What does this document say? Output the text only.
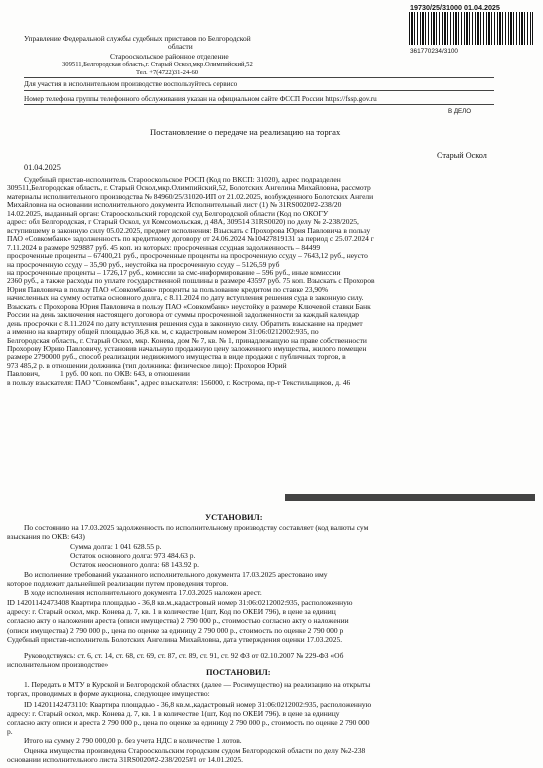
19730/25/31000 01.04.2025
361770234/3100
Управление Федеральной службы судебных приставов по Белгородской
области
Старооскольское районное отделение
309511,Белгородская область,г. Старый Оскол,мкр.Олимпийский,52
Тел. +7(4722)31-24-60
Для участия в исполнительном производстве воспользуйтесь сервисо
Номер телефона группы телефонного обслуживания указан на официальном сайте ФССП России https://fssp.gov.ru
В ДЕЛО
Постановление о передаче на реализацию на торгах
01.04.2025
Старый Оскол
Судебный пристав-исполнитель Старооскольское РОСП (Код по ВКСП: 31020), адрес подразделен
309511,Белгородская область, г. Старый Оскол,мкр.Олимпийский,52, Болотских Ангелина Михайловна, рассмотр
материалы исполнительного производства № 84960/25/31020-ИП от 21.02.2025, возбужденного Болотских Ангели
Михайловна на основании исполнительного документа Исполнительный лист (1) № 31RS0020#2-238/20
14.02.2025, выданный орган: Старооскольский городской суд Белгородской области (Код по ОКОГУ
адрес: обл Белгородская, г Старый Оскол, ул Комсомольская, д 48А, 309514 31RS0020) по делу № 2-238/2025,
вступившему в законную силу 05.02.2025, предмет исполнения: Взыскать с Прохорова Юрия Павловича в пользу
ПАО «Совкомбанк» задолженность по кредитному договору от 24.06.2024 №10427819131 за период с 25.07.2024 г
7.11.2024 в размере 929887 руб. 45 коп. из которых: просроченная ссудная задолженность – 84499
просроченные проценты – 67400,21 руб., просроченные проценты на просроченную ссуду – 7643,12 руб., неусто
на просроченную ссуду – 35,90 руб., неустойка на просроченную ссуду – 5126,59 руб
на просроченные проценты – 1726,17 руб., комиссии за смс-информирование – 596 руб., иные комиссии
2360 руб., а также расходы по уплате государственной пошлины в размере 43597 руб. 75 коп. Взыскать с Прохоров
Юрия Павловича в пользу ПАО «Совкомбанк» проценты за пользование кредитом по ставке 23,90%
начисленных на сумму остатка основного долга, с 8.11.2024 по дату вступления решения суда в законную силу.
Взыскать с Прохорова Юрия Павловича в пользу ПАО «Совкомбанк» неустойку в размере Ключевой ставки Банк
России на день заключения настоящего договора от суммы просроченной задолженности за каждый календар
день просрочки с 8.11.2024 по дату вступления решения суда в законную силу. Обратить взыскание на предмет
а именно на квартиру общей площадью 36,8 кв. м, с кадастровым номером 31:06:0212002:935, по
Белгородская область, г. Старый Оскол, мкр. Конева, дом № 7, кв. № 1, принадлежащую на праве собственности
Прохорову Юрию Павловичу, установив начальную продажную цену заложенного имущества, жилого помещен
размере 2790000 руб., способ реализации недвижимого имущества в виде продажи с публичных торгов, в
973 485,2 р. в отношении должника (тип должника: физическое лицо): Прохоров Юрий
Павлович,
в пользу взыскателя: ПАО "Совкомбанк", адрес взыскателя: 156000, г. Кострома, пр-т Текстильщиков, д. 46
1 руб. 00 коп. по ОКВ: 643, в отношении
УСТАНОВИЛ:
По состоянию на 17.03.2025 задолженность по исполнительному производству составляет (код валюты сум
взыскания по ОКВ: 643)
Сумма долга: 1 041 628.55 р.
Остаток основного долга: 973 484.63 р.
Остаток неосновного долга: 68 143.92 р.
Во исполнение требований указанного исполнительного документа 17.03.2025 арестовано иму
которое подлежит дальнейшей реализации путем проведения торгов.
В ходе исполнения исполнительного документа 17.03.2025 наложен арест.
ID 14201142473408 Квартира площадью - 36,8 кв.м.,кадастровый номер 31:06:0212002:935, расположенную
адресу: г. Старый оскол, мкр. Конева д. 7, кв. 1 в количестве 1(шт, Код по ОКЕИ 796), в цене за единиц
согласно акту о наложении ареста (описи имущества) 2 790 000 р., стоимостью согласно акту о наложении
(описи имущества) 2 790 000 р., цена по оценке за единицу 2 790 000 р., стоимость по оценке 2 790 000 р
Судебный пристав-исполнитель Болотских Ангелина Михайловна, дата утверждения оценки 17.03.2025.
Руководствуясь: ст. 6, ст. 14, ст. 68, ст. 69, ст. 87, ст. 89, ст. 91, ст. 92 ФЗ от 02.10.2007 № 229-ФЗ «Об
исполнительном производстве»
ПОСТАНОВИЛ:
1. Передать в МТУ в Курской и Белгородской областях (далее — Росимущество) на реализацию на открыты
торгах, проводимых в форме аукциона, следующее имущество:
ID 14201142473110: Квартира площадью - 36,8 кв.м.,кадастровый номер 31:06:0212002:935, расположенную
адресу: г. Старый оскол, мкр. Конева д. 7, кв. 1 в количестве 1(шт, Код по ОКЕИ 796). в цене за единицу
согласно акту описи и ареста 2 790 000 р., цена по оценке за единицу 2 790 000 р., стоимость по оценке 2 790 000
р.
Итого на сумму 2 790 000,00 р. без учета НДС в количестве 1 лотов.
Оценка имущества произведена Старооскольским городским судом Белгородской области по делу №2-238
основании исполнительного листа 31RS0020#2-238/2025#1 от 14.01.2025.
